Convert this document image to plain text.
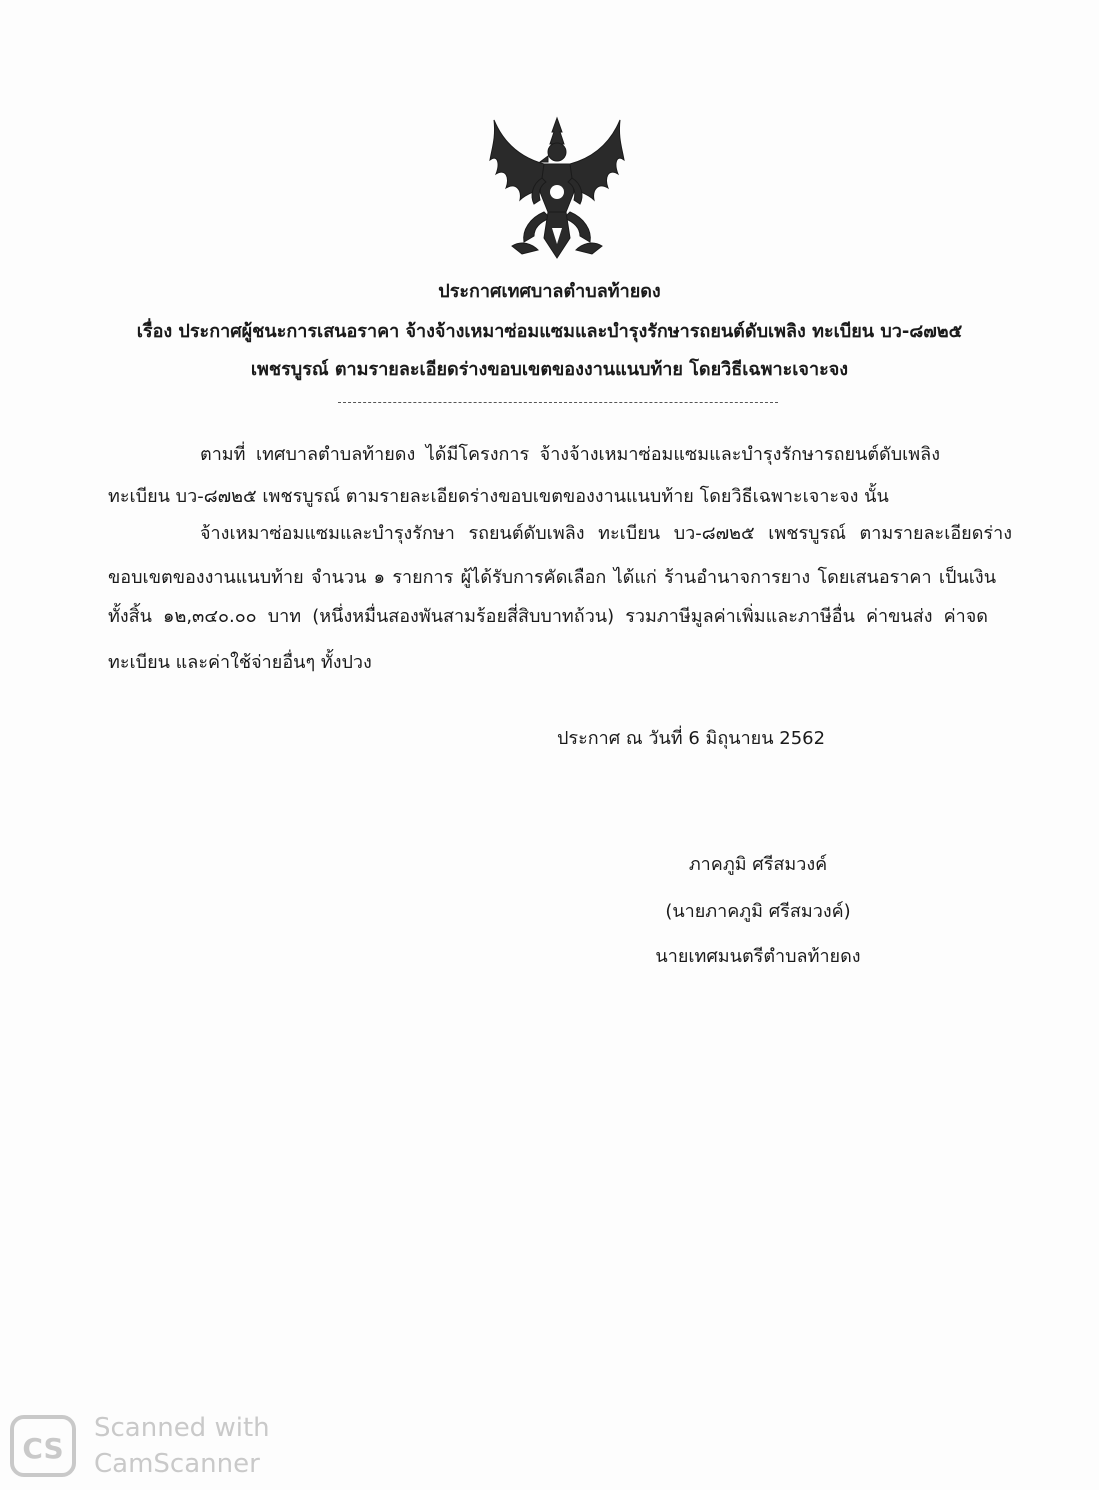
ประกาศเทศบาลตำบลท้ายดง
เรื่อง ประกาศผู้ชนะการเสนอราคา จ้างจ้างเหมาซ่อมแซมและบำรุงรักษารถยนต์ดับเพลิง ทะเบียน บว-๘๗๒๕
เพชรบูรณ์ ตามรายละเอียดร่างขอบเขตของงานแนบท้าย โดยวิธีเฉพาะเจาะจง
ตามที่ เทศบาลตำบลท้ายดง ได้มีโครงการ จ้างจ้างเหมาซ่อมแซมและบำรุงรักษารถยนต์ดับเพลิง
ทะเบียน บว-๘๗๒๕ เพชรบูรณ์ ตามรายละเอียดร่างขอบเขตของงานแนบท้าย โดยวิธีเฉพาะเจาะจง นั้น
จ้างเหมาซ่อมแซมและบำรุงรักษา รถยนต์ดับเพลิง ทะเบียน บว-๘๗๒๕ เพชรบูรณ์ ตามรายละเอียดร่าง
ขอบเขตของงานแนบท้าย จำนวน ๑ รายการ ผู้ได้รับการคัดเลือก ได้แก่ ร้านอำนาจการยาง โดยเสนอราคา เป็นเงิน
ทั้งสิ้น ๑๒,๓๔๐.๐๐ บาท (หนึ่งหมื่นสองพันสามร้อยสี่สิบบาทถ้วน) รวมภาษีมูลค่าเพิ่มและภาษีอื่น ค่าขนส่ง ค่าจด
ทะเบียน และค่าใช้จ่ายอื่นๆ ทั้งปวง
ประกาศ ณ วันที่ 6 มิถุนายน 2562
ภาคภูมิ ศรีสมวงค์
(นายภาคภูมิ ศรีสมวงค์)
นายเทศมนตรีตำบลท้ายดง
CS
Scanned with
CamScanner
